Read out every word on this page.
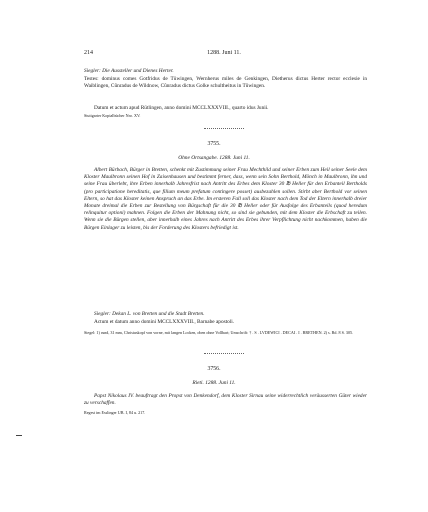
214	1288. Juni 11.
Siegler: Die Aussteller und Dienes Herter.
Testes: dominus comes Gotfridus de Tüwingen, Wernherus miles de Genkingen, Dietherus dictus Herter rector ecclesie in Waiblingen, Cûnradus de Wildnow, Cûnradus dictus Golke schultheitus in Tûwingen.
Datum et actum apud Rütlingen, anno domini MCCLXXXVIII., quarto idus Junii.
Stuttgarter Kopialbücher Nro. XV.
3755.
Ohne Ortsangabe. 1288. Juni 11.
Albert Bürbach, Bürger in Bretten, schenkt mit Zustimmung seiner Frau Mechthild und seiner Erben zum Heil seiner Seele dem Kloster Maulbronn seinen Hof in Zaisenhausen und bestimmt ferner, dass, wenn sein Sohn Berthold, Mönch in Maulbronn, ihn und seine Frau überlebt, ihre Erben innerhalb Jahresfrist nach Antritt des Erbes dem Kloster 30 ℔ Heller für den Erbanteil Bertholds (pro participatione hereditatis, que filium meum prefatum contingere posset) ausbezahlen sollen. Stirbt aber Berthold vor seinen Eltern, so hat das Kloster keinen Anspruch an das Erbe. Im ersteren Fall soll das Kloster nach dem Tod der Eltern innerhalb dreier Monate dreimal die Erben zur Bestellung von Bürgschaft für die 30 ℔ Heller oder für Ausfolge des Erbanteils (quod heredum relinquitur optioni) mahnen. Folgen die Erben der Mahnung nicht, so sind sie gebunden, mit dem Kloster die Erbschaft zu teilen. Wenn sie die Bürgen stellen, aber innerhalb eines Jahres nach Antritt des Erbes ihrer Verpflichtung nicht nachkommen, haben die Bürgen Einlager zu leisten, bis der Forderung des Klosters befriedigt ist.
Siegler: Dekan L. von Bretten und die Stadt Bretten.
Actum et datum anno domini MCCLXXXVIII., Barnabe apostoli.
Siegel: 1) rund, 31 mm, Christuskopf von vorne, mit langen Locken, oben ohne Vollbart; Umschrift: † . S . LVDEWICI . DECAI . I . BRETHEN. 2) s. Bd. 8 S. 305.
3756.
Rieti. 1288. Juni 11.
Papst Nikolaus IV. beauftragt den Propst von Denkendorf, dem Kloster Sirnau seine widerrechtlich veräusserten Güter wieder zu verschaffen.
Regest im Esslinger UB. I, 84 u. 217.
